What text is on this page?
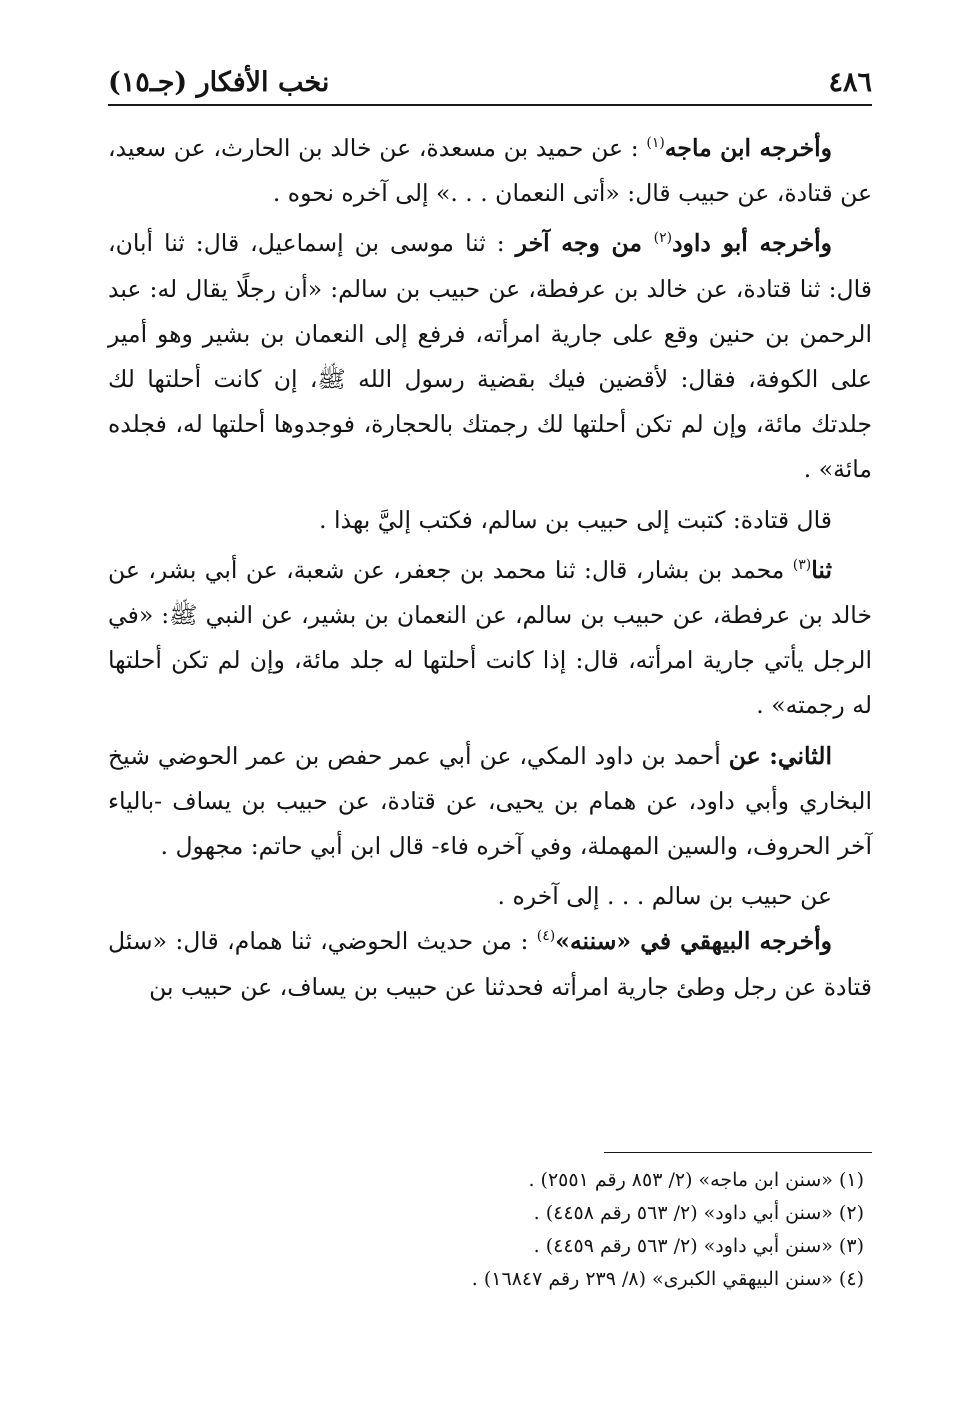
٤٨٦
نخب الأفكار (جـ١٥)

وأخرجه ابن ماجه$^{(١)}$ : عن حميد بن مسعدة، عن خالد بن الحارث، عن سعيد، عن قتادة، عن حبيب قال: «أتى النعمان . . .» إلى آخره نحوه .

وأخرجه أبو داود$^{(٢)}$ من وجه آخر : ثنا موسى بن إسماعيل، قال: ثنا أبان، قال: ثنا قتادة، عن خالد بن عرفطة، عن حبيب بن سالم: «أن رجلًا يقال له: عبد الرحمن بن حنين وقع على جارية امرأته، فرفع إلى النعمان بن بشير وهو أمير على الكوفة، فقال: لأقضين فيك بقضية رسول الله ﷺ، إن كانت أحلتها لك جلدتك مائة، وإن لم تكن أحلتها لك رجمتك بالحجارة، فوجدوها أحلتها له، فجلده مائة» .

قال قتادة: كتبت إلى حبيب بن سالم، فكتب إليَّ بهذا .

ثنا$^{(٣)}$ محمد بن بشار، قال: ثنا محمد بن جعفر، عن شعبة، عن أبي بشر، عن خالد بن عرفطة، عن حبيب بن سالم، عن النعمان بن بشير، عن النبي ﷺ: «في الرجل يأتي جارية امرأته، قال: إذا كانت أحلتها له جلد مائة، وإن لم تكن أحلتها له رجمته» .

الثاني: عن أحمد بن داود المكي، عن أبي عمر حفص بن عمر الحوضي شيخ البخاري وأبي داود، عن همام بن يحيى، عن قتادة، عن حبيب بن يساف -بالياء آخر الحروف، والسين المهملة، وفي آخره فاء- قال ابن أبي حاتم: مجهول .

عن حبيب بن سالم . . . إلى آخره .

وأخرجه البيهقي في «سننه»$^{(٤)}$ : من حديث الحوضي، ثنا همام، قال: «سئل قتادة عن رجل وطئ جارية امرأته فحدثنا عن حبيب بن يساف، عن حبيب بن

(١) «سنن ابن ماجه» (٢/ ٨٥٣ رقم ٢٥٥١) .

(٢) «سنن أبي داود» (٢/ ٥٦٣ رقم ٤٤٥٨) .

(٣) «سنن أبي داود» (٢/ ٥٦٣ رقم ٤٤٥٩) .

(٤) «سنن البيهقي الكبرى» (٨/ ٢٣٩ رقم ١٦٨٤٧) .
